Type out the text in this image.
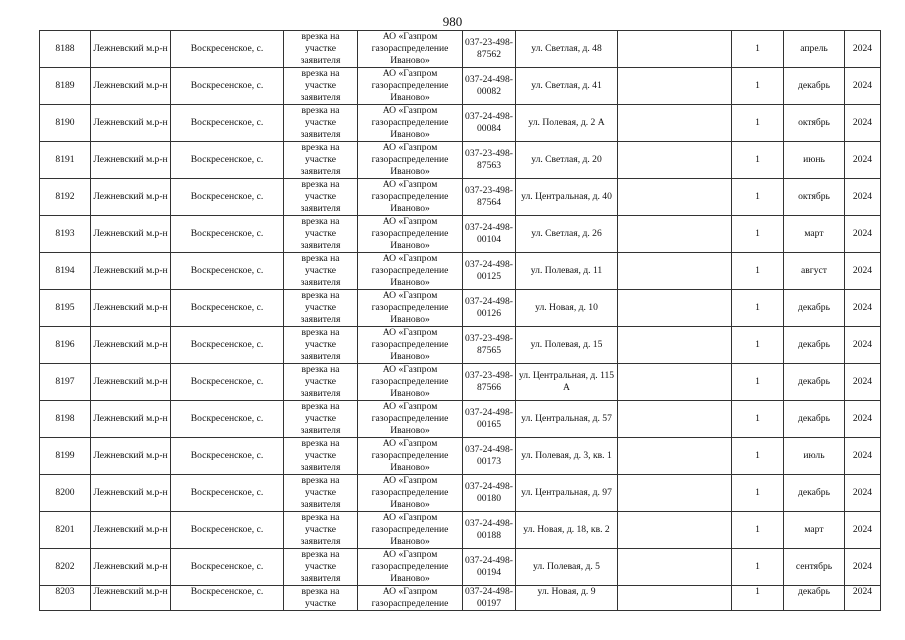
980
8188	Лежневский м.р-н	Воскресенское, с.	врезка на участке заявителя	АО «Газпром газораспределение Иваново»	037-23-498-87562	ул. Светлая, д. 48		1	апрель	2024
8189	Лежневский м.р-н	Воскресенское, с.	врезка на участке заявителя	АО «Газпром газораспределение Иваново»	037-24-498-00082	ул. Светлая, д. 41		1	декабрь	2024
8190	Лежневский м.р-н	Воскресенское, с.	врезка на участке заявителя	АО «Газпром газораспределение Иваново»	037-24-498-00084	ул. Полевая, д. 2 А		1	октябрь	2024
8191	Лежневский м.р-н	Воскресенское, с.	врезка на участке заявителя	АО «Газпром газораспределение Иваново»	037-23-498-87563	ул. Светлая, д. 20		1	июнь	2024
8192	Лежневский м.р-н	Воскресенское, с.	врезка на участке заявителя	АО «Газпром газораспределение Иваново»	037-23-498-87564	ул. Центральная, д. 40		1	октябрь	2024
8193	Лежневский м.р-н	Воскресенское, с.	врезка на участке заявителя	АО «Газпром газораспределение Иваново»	037-24-498-00104	ул. Светлая, д. 26		1	март	2024
8194	Лежневский м.р-н	Воскресенское, с.	врезка на участке заявителя	АО «Газпром газораспределение Иваново»	037-24-498-00125	ул. Полевая, д. 11		1	август	2024
8195	Лежневский м.р-н	Воскресенское, с.	врезка на участке заявителя	АО «Газпром газораспределение Иваново»	037-24-498-00126	ул. Новая, д. 10		1	декабрь	2024
8196	Лежневский м.р-н	Воскресенское, с.	врезка на участке заявителя	АО «Газпром газораспределение Иваново»	037-23-498-87565	ул. Полевая, д. 15		1	декабрь	2024
8197	Лежневский м.р-н	Воскресенское, с.	врезка на участке заявителя	АО «Газпром газораспределение Иваново»	037-23-498-87566	ул. Центральная, д. 115 А		1	декабрь	2024
8198	Лежневский м.р-н	Воскресенское, с.	врезка на участке заявителя	АО «Газпром газораспределение Иваново»	037-24-498-00165	ул. Центральная, д. 57		1	декабрь	2024
8199	Лежневский м.р-н	Воскресенское, с.	врезка на участке заявителя	АО «Газпром газораспределение Иваново»	037-24-498-00173	ул. Полевая, д. 3, кв. 1		1	июль	2024
8200	Лежневский м.р-н	Воскресенское, с.	врезка на участке заявителя	АО «Газпром газораспределение Иваново»	037-24-498-00180	ул. Центральная, д. 97		1	декабрь	2024
8201	Лежневский м.р-н	Воскресенское, с.	врезка на участке заявителя	АО «Газпром газораспределение Иваново»	037-24-498-00188	ул. Новая, д. 18, кв. 2		1	март	2024
8202	Лежневский м.р-н	Воскресенское, с.	врезка на участке заявителя	АО «Газпром газораспределение Иваново»	037-24-498-00194	ул. Полевая, д. 5		1	сентябрь	2024
8203	Лежневский м.р-н	Воскресенское, с.	врезка на участке	АО «Газпром газораспределение	037-24-498-00197	ул. Новая, д. 9		1	декабрь	2024
